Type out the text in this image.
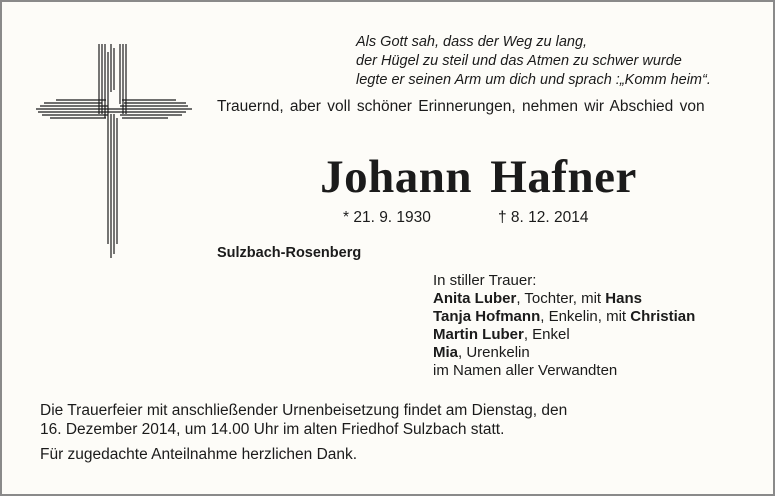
Als Gott sah, dass der Weg zu lang,
der Hügel zu steil und das Atmen zu schwer wurde
legte er seinen Arm um dich und sprach :„Komm heim“.
Trauernd, aber voll schöner Erinnerungen, nehmen wir Abschied von
Johann Hafner
* 21. 9. 1930	† 8. 12. 2014
Sulzbach-Rosenberg
In stiller Trauer:
Anita Luber, Tochter, mit Hans
Tanja Hofmann, Enkelin, mit Christian
Martin Luber, Enkel
Mia, Urenkelin
im Namen aller Verwandten
Die Trauerfeier mit anschließender Urnenbeisetzung findet am Dienstag, den
16. Dezember 2014, um 14.00 Uhr im alten Friedhof Sulzbach statt.
Für zugedachte Anteilnahme herzlichen Dank.
